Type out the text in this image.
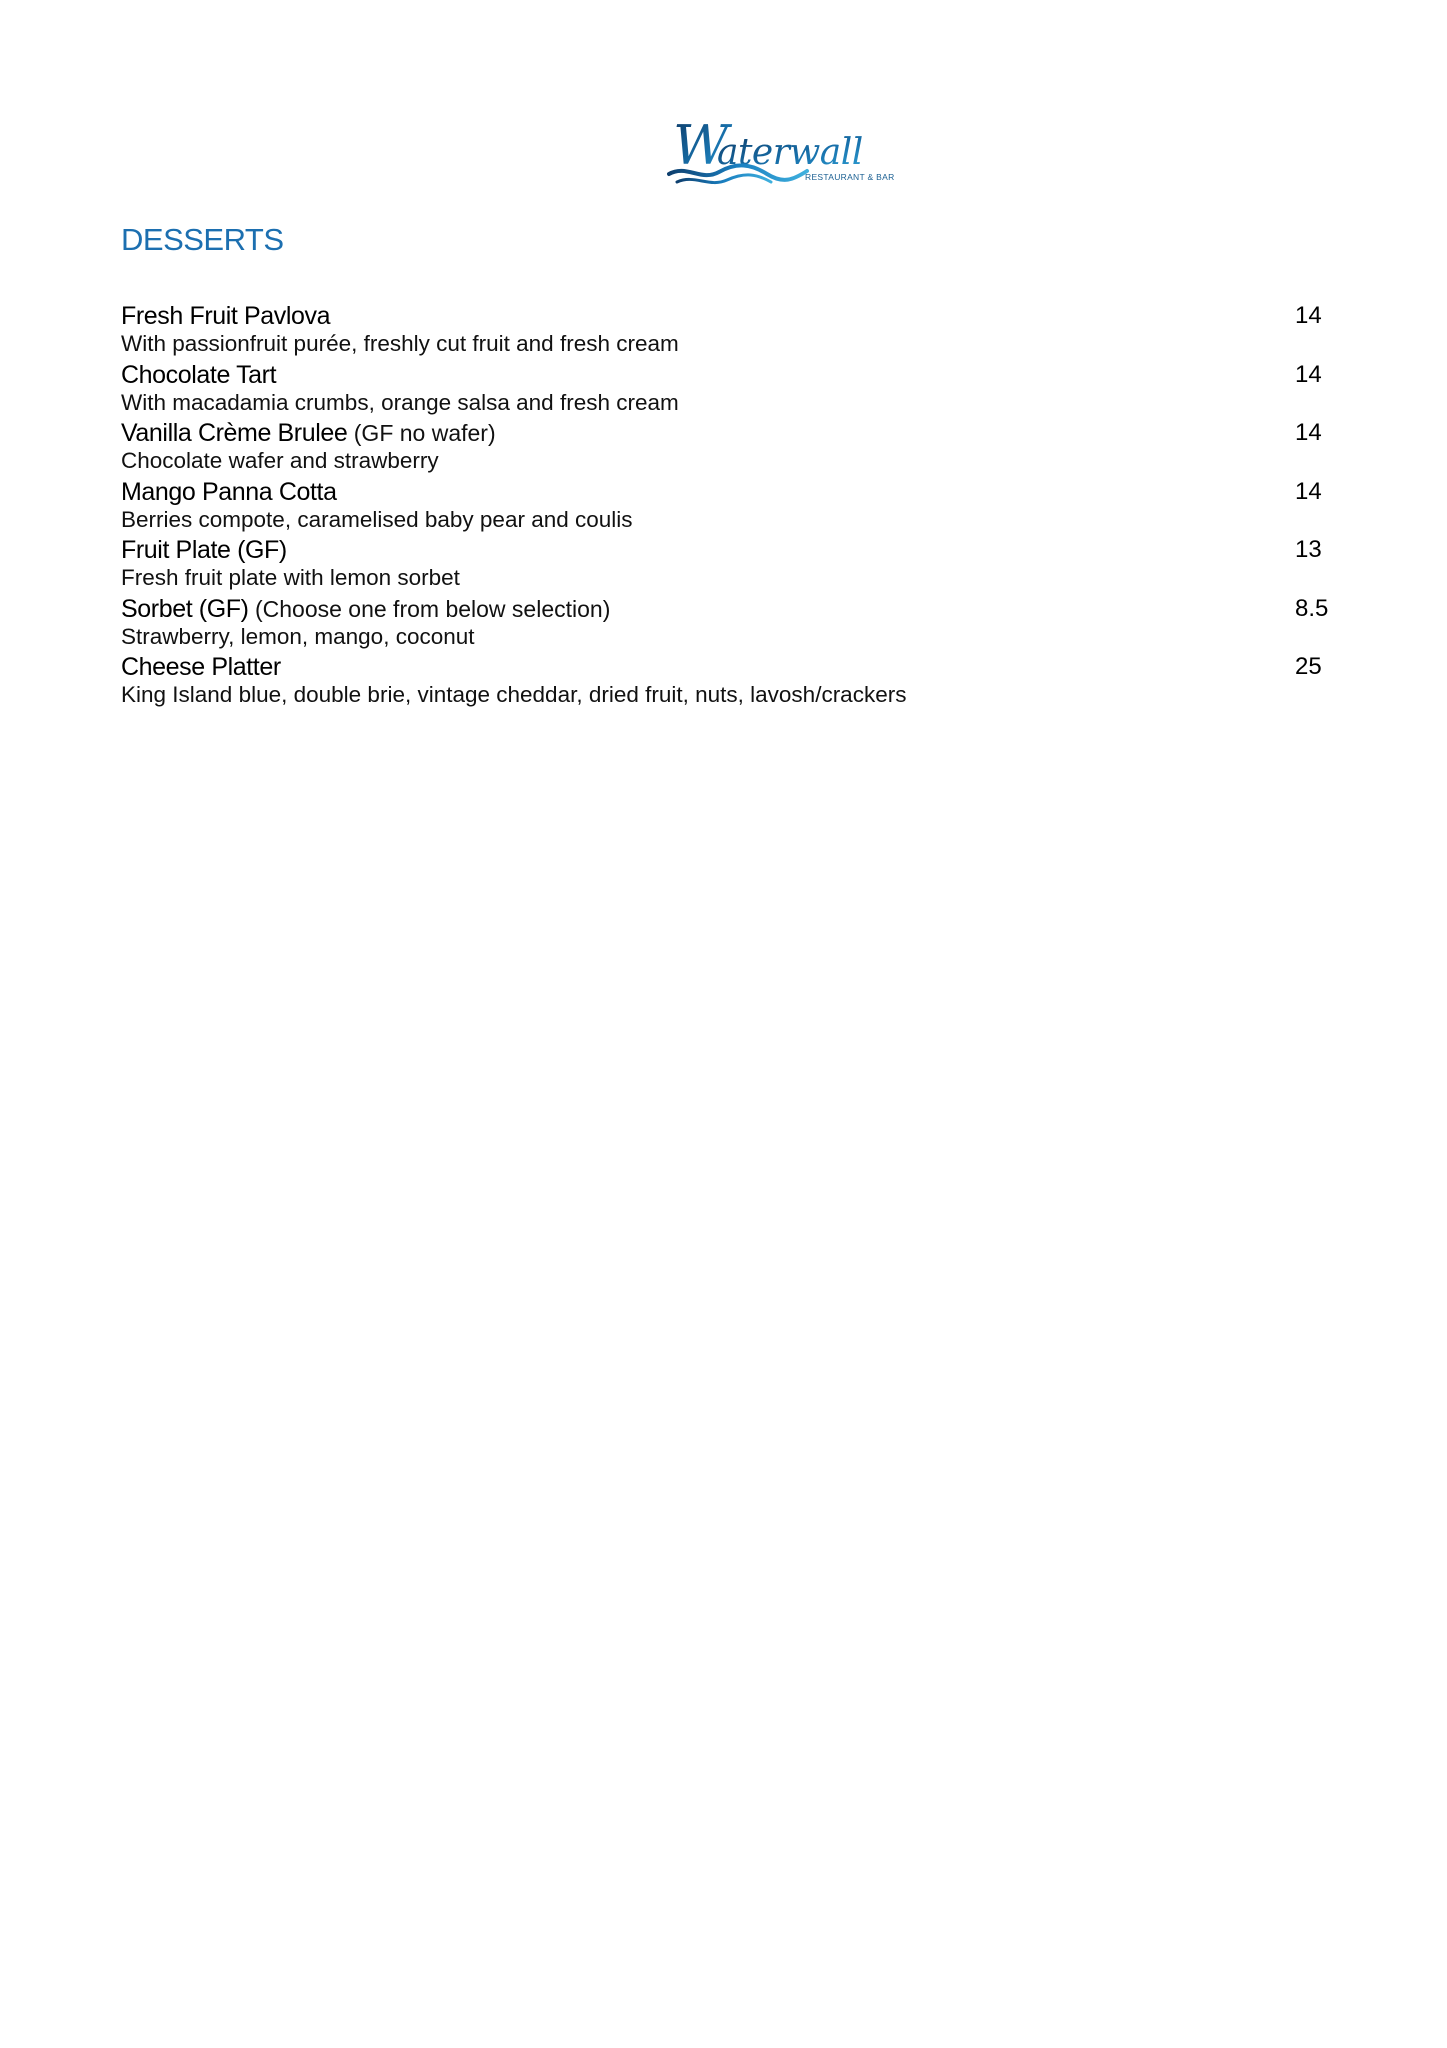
W
aterwall
RESTAURANT & BAR
DESSERTS
Fresh Fruit Pavlova	14
With passionfruit purée, freshly cut fruit and fresh cream
Chocolate Tart	14
With macadamia crumbs, orange salsa and fresh cream
Vanilla Crème Brulee (GF no wafer)	14
Chocolate wafer and strawberry
Mango Panna Cotta	14
Berries compote, caramelised baby pear and coulis
Fruit Plate (GF)	13
Fresh fruit plate with lemon sorbet
Sorbet (GF) (Choose one from below selection)	8.5
Strawberry, lemon, mango, coconut
Cheese Platter	25
King Island blue, double brie, vintage cheddar, dried fruit, nuts, lavosh/crackers
